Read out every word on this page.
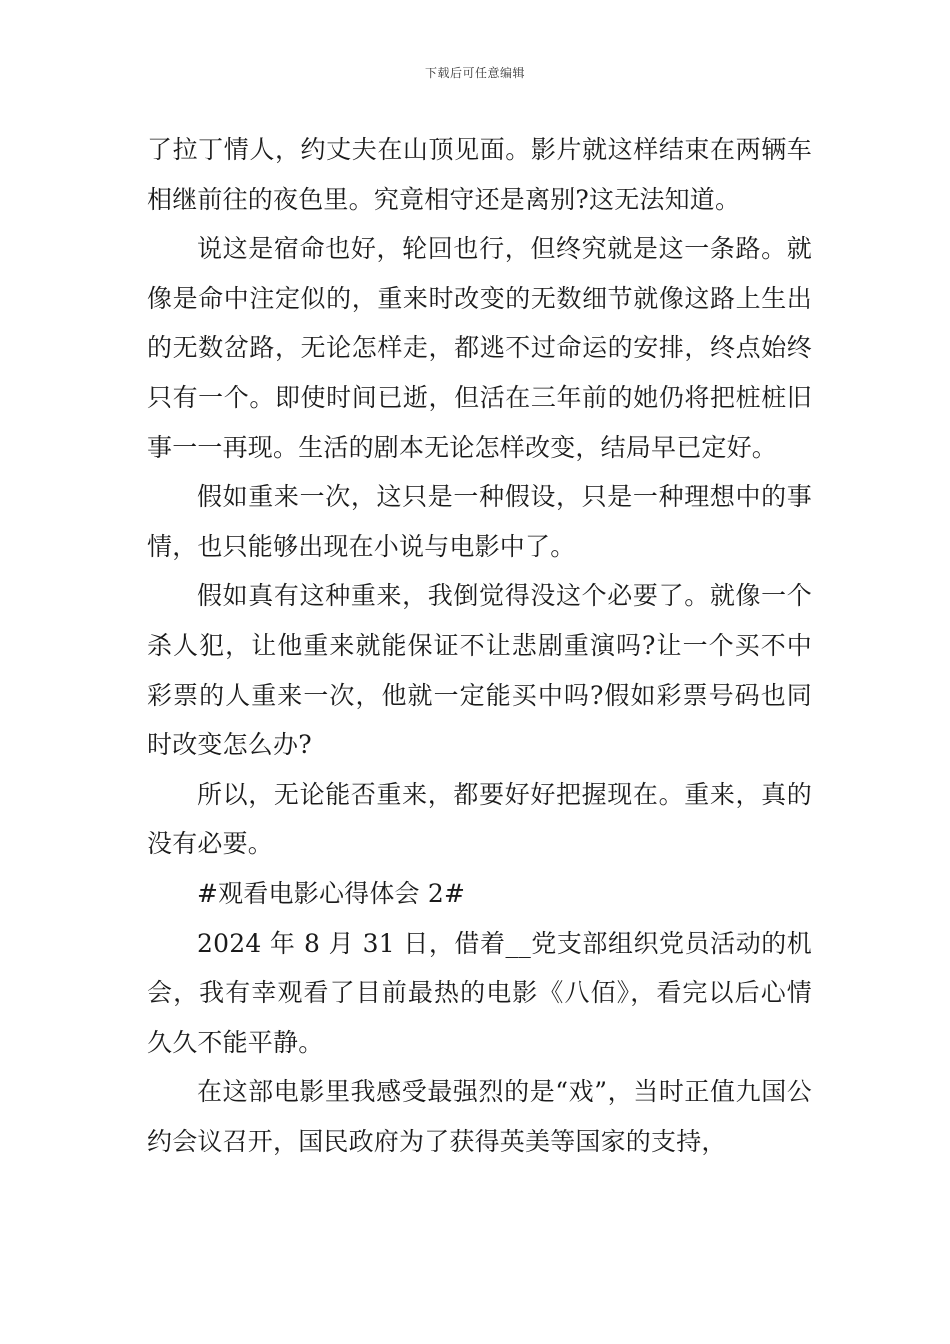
下载后可任意编辑

了拉丁情人，约丈夫在山顶见面。影片就这样结束在两辆车相继前往的夜色里。究竟相守还是离别?这无法知道。

说这是宿命也好，轮回也行，但终究就是这一条路。就像是命中注定似的，重来时改变的无数细节就像这路上生出的无数岔路，无论怎样走，都逃不过命运的安排，终点始终只有一个。即使时间已逝，但活在三年前的她仍将把桩桩旧事一一再现。生活的剧本无论怎样改变，结局早已定好。

假如重来一次，这只是一种假设，只是一种理想中的事情，也只能够出现在小说与电影中了。

假如真有这种重来，我倒觉得没这个必要了。就像一个杀人犯，让他重来就能保证不让悲剧重演吗?让一个买不中彩票的人重来一次，他就一定能买中吗?假如彩票号码也同时改变怎么办?

所以，无论能否重来，都要好好把握现在。重来，真的没有必要。

#观看电影心得体会 2#

2024 年 8 月 31 日，借着__党支部组织党员活动的机会，我有幸观看了目前最热的电影《八佰》，看完以后心情久久不能平静。

在这部电影里我感受最强烈的是“戏”，当时正值九国公约会议召开，国民政府为了获得英美等国家的支持，
